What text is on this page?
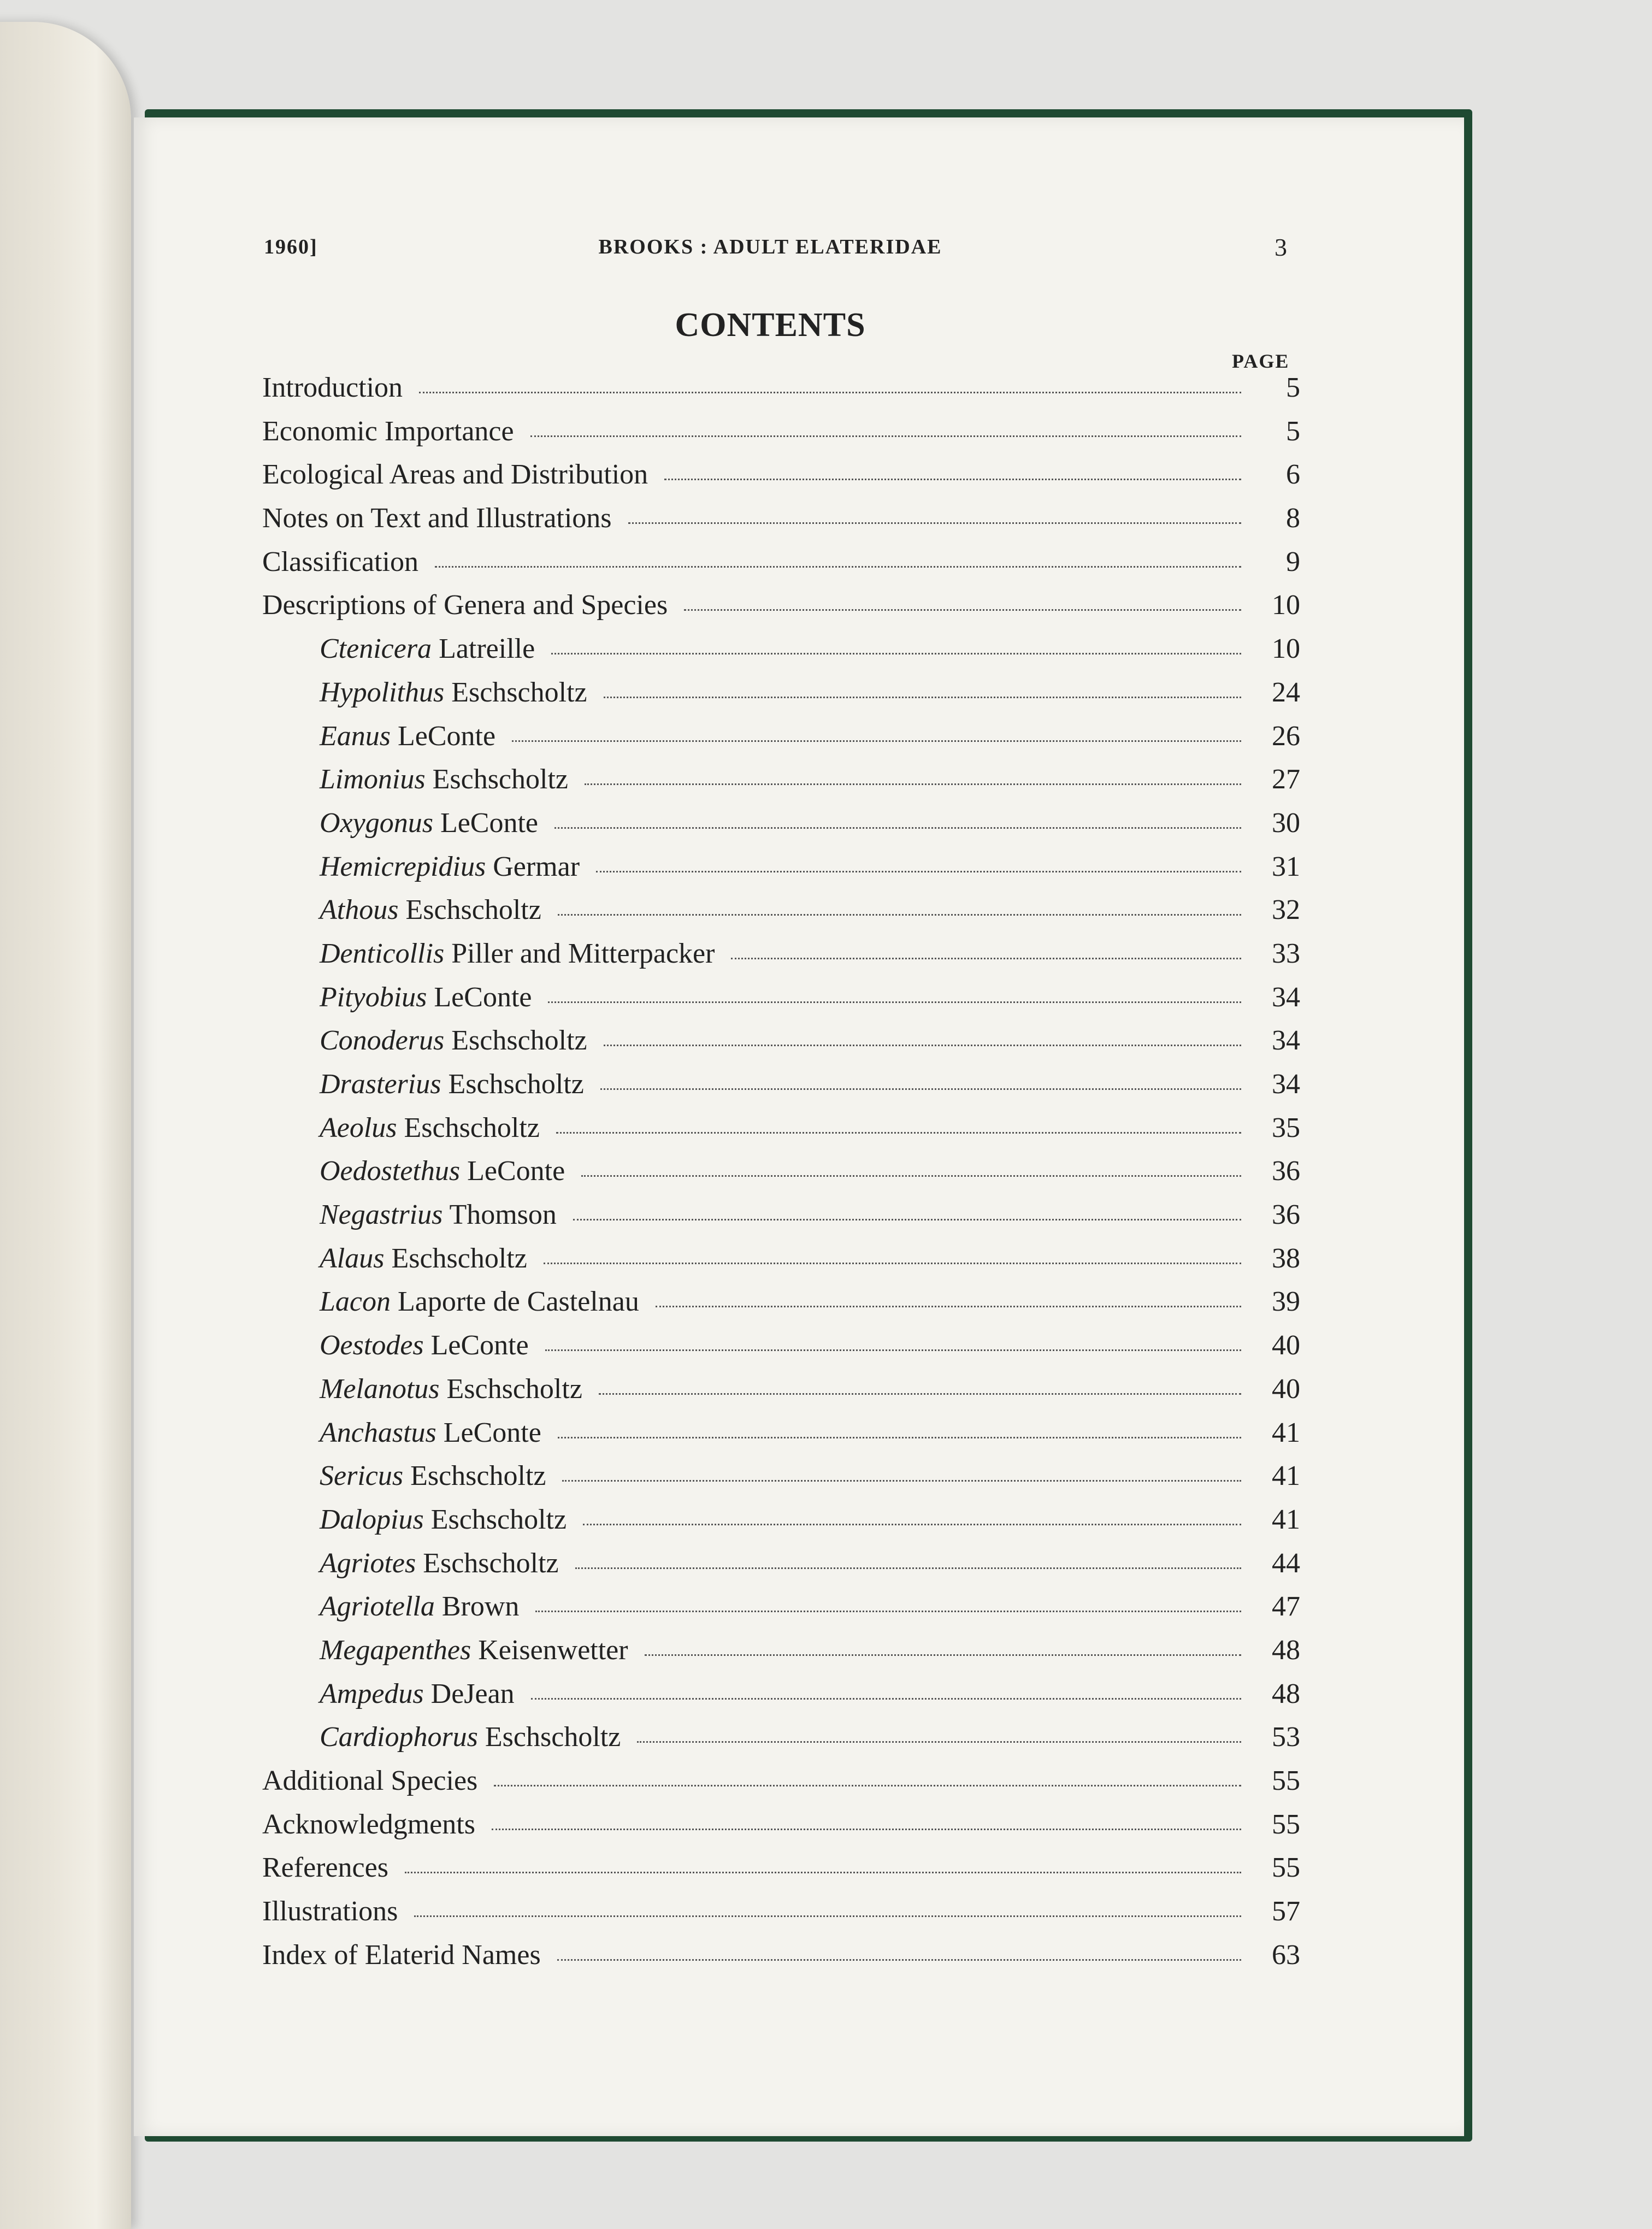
1960]	BROOKS : ADULT ELATERIDAE	3
CONTENTS
PAGE
Introduction	5
Economic Importance	5
Ecological Areas and Distribution	6
Notes on Text and Illustrations	8
Classification	9
Descriptions of Genera and Species	10
Ctenicera Latreille	10
Hypolithus Eschscholtz	24
Eanus LeConte	26
Limonius Eschscholtz	27
Oxygonus LeConte	30
Hemicrepidius Germar	31
Athous Eschscholtz	32
Denticollis Piller and Mitterpacker	33
Pityobius LeConte	34
Conoderus Eschscholtz	34
Drasterius Eschscholtz	34
Aeolus Eschscholtz	35
Oedostethus LeConte	36
Negastrius Thomson	36
Alaus Eschscholtz	38
Lacon Laporte de Castelnau	39
Oestodes LeConte	40
Melanotus Eschscholtz	40
Anchastus LeConte	41
Sericus Eschscholtz	41
Dalopius Eschscholtz	41
Agriotes Eschscholtz	44
Agriotella Brown	47
Megapenthes Keisenwetter	48
Ampedus DeJean	48
Cardiophorus Eschscholtz	53
Additional Species	55
Acknowledgments	55
References	55
Illustrations	57
Index of Elaterid Names	63
